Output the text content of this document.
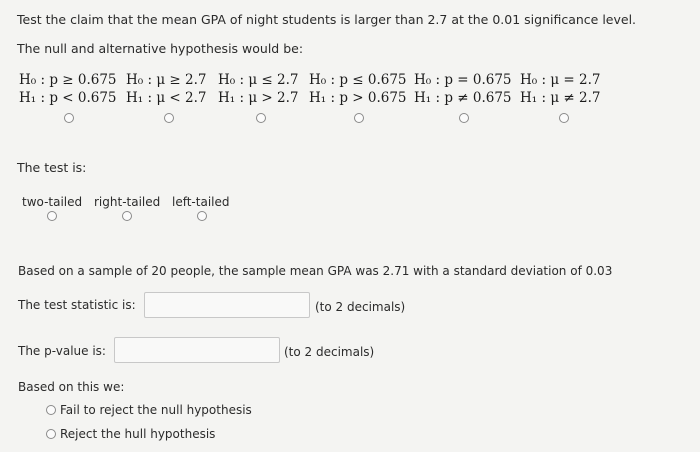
Test the claim that the mean GPA of night students is larger than 2.7 at the 0.01 significance level.
The null and alternative hypothesis would be:
H₀ : p ≥ 0.675
H₁ : p < 0.675
H₀ : μ ≥ 2.7
H₁ : μ < 2.7
H₀ : μ ≤ 2.7
H₁ : μ > 2.7
H₀ : p ≤ 0.675
H₁ : p > 0.675
H₀ : p = 0.675
H₁ : p ≠ 0.675
H₀ : μ = 2.7
H₁ : μ ≠ 2.7
The test is:
two-tailed right-tailed left-tailed
Based on a sample of 20 people, the sample mean GPA was 2.71 with a standard deviation of 0.03
The test statistic is:	(to 2 decimals)
The p-value is:	(to 2 decimals)
Based on this we:
Fail to reject the null hypothesis
Reject the hull hypothesis
